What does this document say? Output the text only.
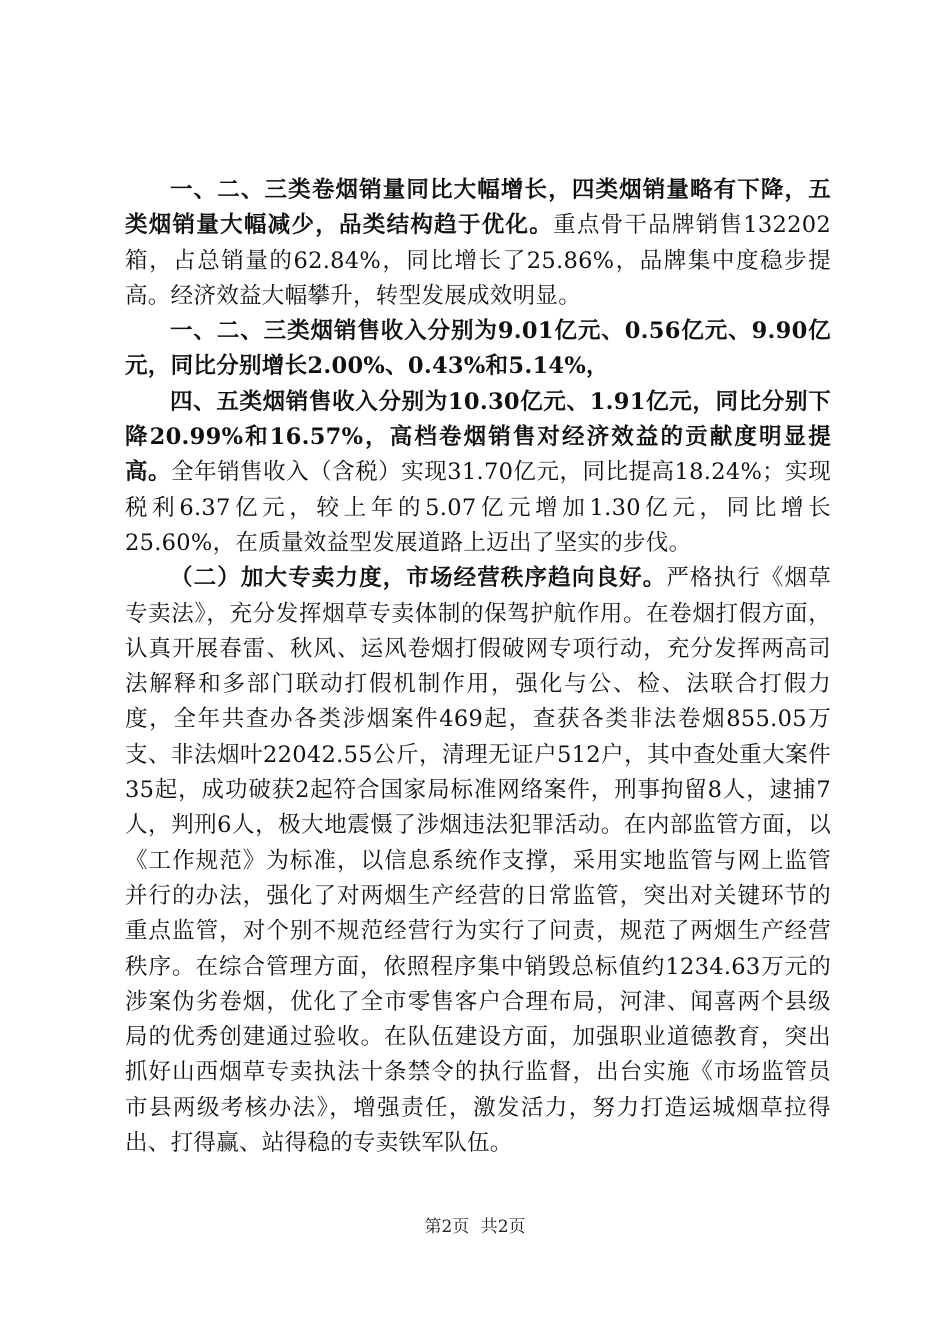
一、二、三类卷烟销量同比大幅增长，四类烟销量略有下降，五类烟销量大幅减少，品类结构趋于优化。重点骨干品牌销售132202箱，占总销量的62.84%，同比增长了25.86%，品牌集中度稳步提高。经济效益大幅攀升，转型发展成效明显。

一、二、三类烟销售收入分别为9.01亿元、0.56亿元、9.90亿元，同比分别增长2.00%、0.43%和5.14%，

四、五类烟销售收入分别为10.30亿元、1.91亿元，同比分别下降20.99%和16.57%，高档卷烟销售对经济效益的贡献度明显提高。全年销售收入（含税）实现31.70亿元，同比提高18.24%；实现税利6.37亿元，较上年的5.07亿元增加1.30亿元，同比增长25.60%，在质量效益型发展道路上迈出了坚实的步伐。

（二）加大专卖力度，市场经营秩序趋向良好。严格执行《烟草专卖法》，充分发挥烟草专卖体制的保驾护航作用。在卷烟打假方面，认真开展春雷、秋风、运风卷烟打假破网专项行动，充分发挥两高司法解释和多部门联动打假机制作用，强化与公、检、法联合打假力度，全年共查办各类涉烟案件469起，查获各类非法卷烟855.05万支、非法烟叶22042.55公斤，清理无证户512户，其中查处重大案件35起，成功破获2起符合国家局标准网络案件，刑事拘留8人，逮捕7人，判刑6人，极大地震慑了涉烟违法犯罪活动。在内部监管方面，以《工作规范》为标准，以信息系统作支撑，采用实地监管与网上监管并行的办法，强化了对两烟生产经营的日常监管，突出对关键环节的重点监管，对个别不规范经营行为实行了问责，规范了两烟生产经营秩序。在综合管理方面，依照程序集中销毁总标值约1234.63万元的涉案伪劣卷烟，优化了全市零售客户合理布局，河津、闻喜两个县级局的优秀创建通过验收。在队伍建设方面，加强职业道德教育，突出抓好山西烟草专卖执法十条禁令的执行监督，出台实施《市场监管员市县两级考核办法》，增强责任，激发活力，努力打造运城烟草拉得出、打得赢、站得稳的专卖铁军队伍。

第2页 共2页
